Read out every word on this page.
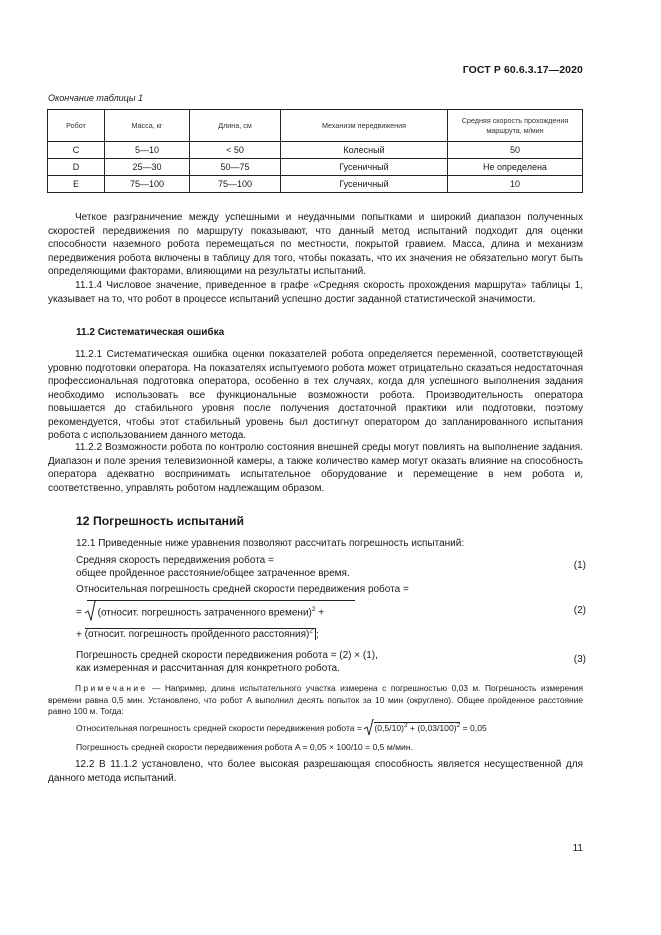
ГОСТ Р 60.6.3.17—2020
Окончание таблицы 1
Робот	Масса, кг	Длина, см	Механизм передвижения	Средняя скорость прохождения маршрута, м/мин
C	5—10	< 50	Колесный	50
D	25—30	50—75	Гусеничный	Не определена
E	75—100	75—100	Гусеничный	10
Четкое разграничение между успешными и неудачными попытками и широкий диапазон полученных скоростей передвижения по маршруту показывают, что данный метод испытаний подходит для оценки способности наземного робота перемещаться по местности, покрытой гравием. Масса, длина и механизм передвижения робота включены в таблицу для того, чтобы показать, что их значения не обязательно могут быть определяющими факторами, влияющими на результаты испытаний.
11.1.4 Числовое значение, приведенное в графе «Средняя скорость прохождения маршрута» таблицы 1, указывает на то, что робот в процессе испытаний успешно достиг заданной статистической значимости.
11.2 Систематическая ошибка
11.2.1 Систематическая ошибка оценки показателей робота определяется переменной, соответствующей уровню подготовки оператора. На показателях испытуемого робота может отрицательно сказаться недостаточная профессиональная подготовка оператора, особенно в тех случаях, когда для успешного выполнения задания необходимо использовать все функциональные возможности робота. Производительность оператора повышается до стабильного уровня после получения достаточной практики или подготовки, поэтому рекомендуется, чтобы этот стабильный уровень был достигнут оператором до запланированного испытания робота с использованием данного метода.
11.2.2 Возможности робота по контролю состояния внешней среды могут повлиять на выполнение задания. Диапазон и поле зрения телевизионной камеры, а также количество камер могут оказать влияние на способность оператора адекватно воспринимать испытательное оборудование и перемещение в нем робота и, соответственно, управлять роботом надлежащим образом.
12 Погрешность испытаний
12.1 Приведенные ниже уравнения позволяют рассчитать погрешность испытаний:
Средняя скорость передвижения робота =
общее пройденное расстояние/общее затраченное время.
(1)
Относительная погрешность средней скорости передвижения робота =
= (относит. погрешность затраченного времени)$^2$ +	(2)
+ (относит. погрешность пройденного расстояния)$^2$ ;
Погрешность средней скорости передвижения робота = (2) × (1),
как измеренная и рассчитанная для конкретного робота.
(3)
Примечание — Например, длина испытательного участка измерена с погрешностью 0,03 м. Погрешность измерения времени равна 0,5 мин. Установлено, что робот A выполнил десять попыток за 10 мин (округлено). Общее пройденное расстояние равно 100 м. Тогда:
Относительная погрешность средней скорости передвижения робота = $(0,5/10)^2 + (0,03/100)^2 = 0,05$
Погрешность средней скорости передвижения робота A = 0,05 × 100/10 = 0,5 м/мин.
12.2 В 11.1.2 установлено, что более высокая разрешающая способность является несущественной для данного метода испытаний.
11
